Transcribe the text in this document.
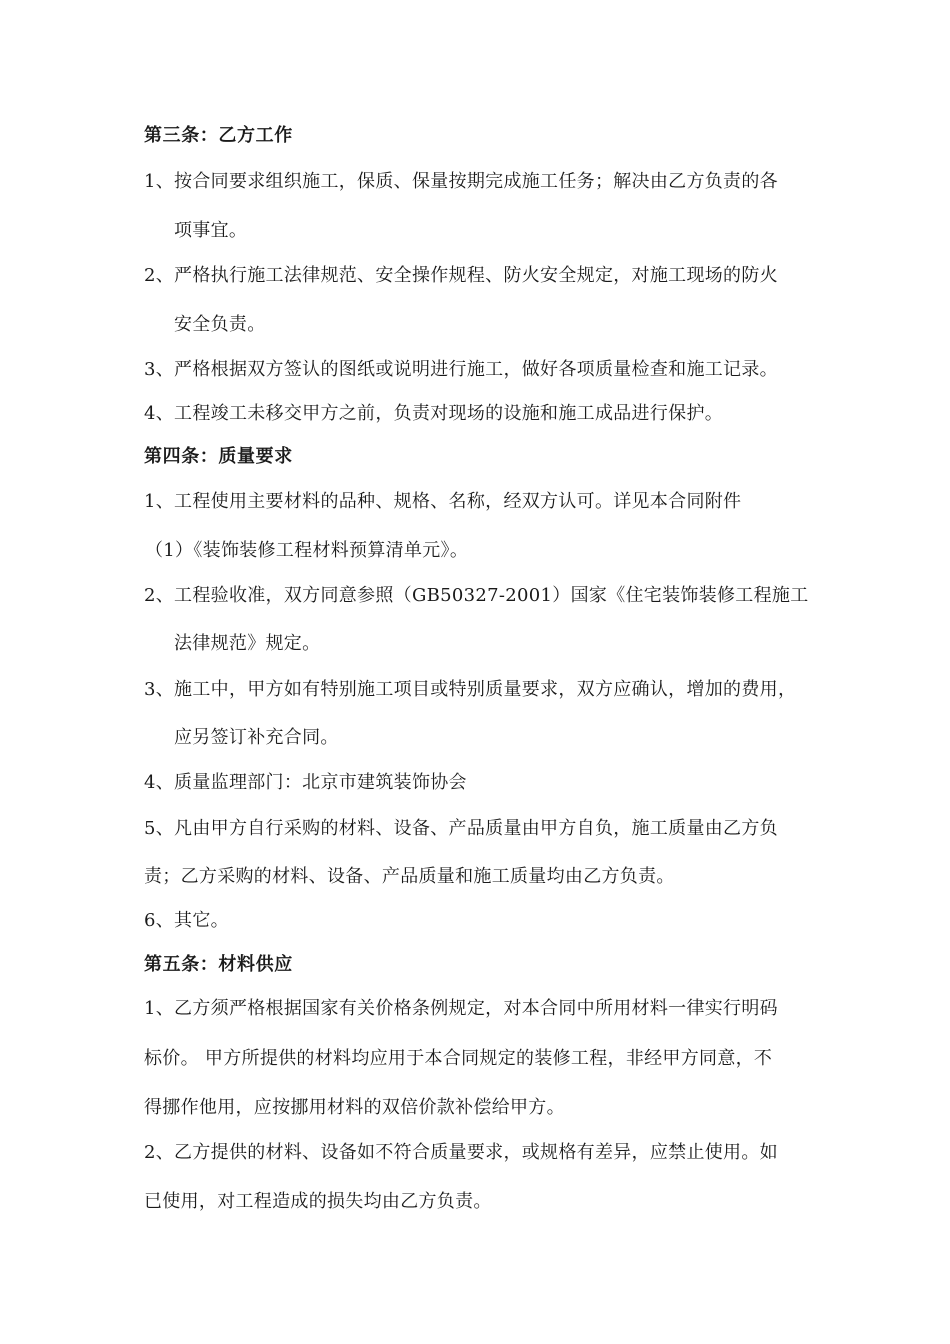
第三条：乙方工作
1、按合同要求组织施工，保质、保量按期完成施工任务；解决由乙方负责的各
项事宜。
2、严格执行施工法律规范、安全操作规程、防火安全规定，对施工现场的防火
安全负责。
3、严格根据双方签认的图纸或说明进行施工，做好各项质量检查和施工记录。
4、工程竣工未移交甲方之前，负责对现场的设施和施工成品进行保护。
第四条：质量要求
1、工程使用主要材料的品种、规格、名称，经双方认可。详见本合同附件
（1）《装饰装修工程材料预算清单元》。
2、工程验收准，双方同意参照（GB50327-2001）国家《住宅装饰装修工程施工
法律规范》规定。
3、施工中，甲方如有特别施工项目或特别质量要求，双方应确认，增加的费用，
应另签订补充合同。
4、质量监理部门：北京市建筑装饰协会
5、凡由甲方自行采购的材料、设备、产品质量由甲方自负，施工质量由乙方负
责；乙方采购的材料、设备、产品质量和施工质量均由乙方负责。
6、其它。
第五条：材料供应
1、乙方须严格根据国家有关价格条例规定，对本合同中所用材料一律实行明码
标价。 甲方所提供的材料均应用于本合同规定的装修工程，非经甲方同意，不
得挪作他用，应按挪用材料的双倍价款补偿给甲方。
2、乙方提供的材料、设备如不符合质量要求，或规格有差异，应禁止使用。如
已使用，对工程造成的损失均由乙方负责。
